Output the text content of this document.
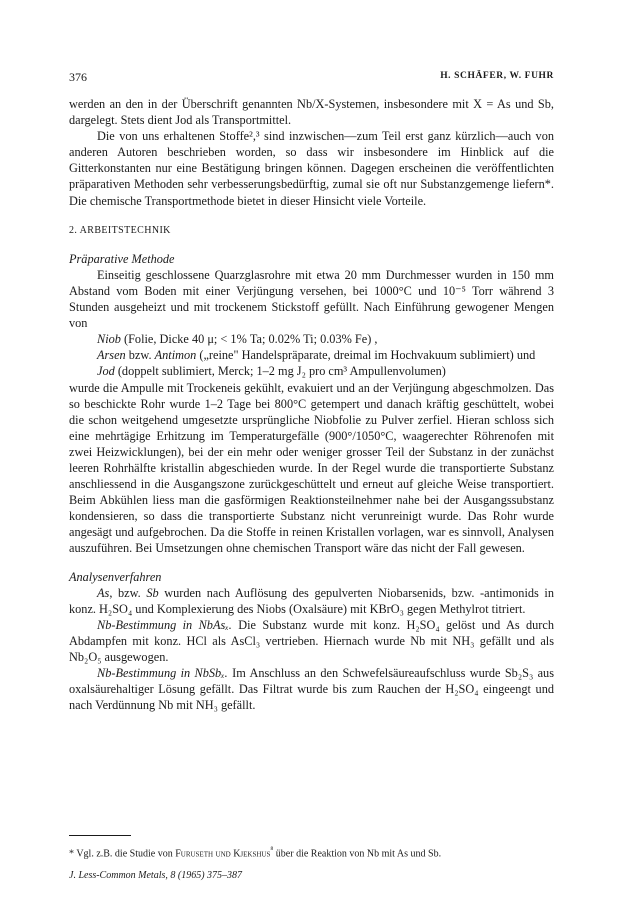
376	H. SCHÄFER, W. FUHR

werden an den in der Überschrift genannten Nb/X-Systemen, insbesondere mit X = As und Sb, dargelegt. Stets dient Jod als Transportmittel.

Die von uns erhaltenen Stoffe²,³ sind inzwischen—zum Teil erst ganz kürzlich—auch von anderen Autoren beschrieben worden, so dass wir insbesondere im Hinblick auf die Gitterkonstanten nur eine Bestätigung bringen können. Dagegen erscheinen die veröffentlichten präparativen Methoden sehr verbesserungsbedürftig, zumal sie oft nur Substanzgemenge liefern*. Die chemische Transportmethode bietet in dieser Hinsicht viele Vorteile.

2. ARBEITSTECHNIK

Präparative Methode

Einseitig geschlossene Quarzglasrohre mit etwa 20 mm Durchmesser wurden in 150 mm Abstand vom Boden mit einer Verjüngung versehen, bei 1000°C und 10⁻⁵ Torr während 3 Stunden ausgeheizt und mit trockenem Stickstoff gefüllt. Nach Einführung gewogener Mengen von

Niob (Folie, Dicke 40 μ; < 1% Ta; 0.02% Ti; 0.03% Fe) ,

Arsen bzw. Antimon („reine" Handelspräparate, dreimal im Hochvakuum sublimiert) und

Jod (doppelt sublimiert, Merck; 1–2 mg J₂ pro cm³ Ampullenvolumen)

wurde die Ampulle mit Trockeneis gekühlt, evakuiert und an der Verjüngung abgeschmolzen. Das so beschickte Rohr wurde 1–2 Tage bei 800°C getempert und danach kräftig geschüttelt, wobei die schon weitgehend umgesetzte ursprüngliche Niobfolie zu Pulver zerfiel. Hieran schloss sich eine mehrtägige Erhitzung im Temperaturgefälle (900°/1050°C, waagerechter Röhrenofen mit zwei Heizwicklungen), bei der ein mehr oder weniger grosser Teil der Substanz in der zunächst leeren Rohrhälfte kristallin abgeschieden wurde. In der Regel wurde die transportierte Substanz anschliessend in die Ausgangszone zurückgeschüttelt und erneut auf gleiche Weise transportiert. Beim Abkühlen liess man die gasförmigen Reaktionsteilnehmer nahe bei der Ausgangssubstanz kondensieren, so dass die transportierte Substanz nicht verunreinigt wurde. Das Rohr wurde angesägt und aufgebrochen. Da die Stoffe in reinen Kristallen vorlagen, war es sinnvoll, Analysen auszuführen. Bei Umsetzungen ohne chemischen Transport wäre das nicht der Fall gewesen.

Analysenverfahren

As, bzw. Sb wurden nach Auflösung des gepulverten Niobarsenids, bzw. -antimonids in konz. H₂SO₄ und Komplexierung des Niobs (Oxalsäure) mit KBrO₃ gegen Methylrot titriert.

Nb-Bestimmung in NbAsₓ. Die Substanz wurde mit konz. H₂SO₄ gelöst und As durch Abdampfen mit konz. HCl als AsCl₃ vertrieben. Hiernach wurde Nb mit NH₃ gefällt und als Nb₂O₅ ausgewogen.

Nb-Bestimmung in NbSbₓ. Im Anschluss an den Schwefelsäureaufschluss wurde Sb₂S₃ aus oxalsäurehaltiger Lösung gefällt. Das Filtrat wurde bis zum Rauchen der H₂SO₄ eingeengt und nach Verdünnung Nb mit NH₃ gefällt.

* Vgl. z.B. die Studie von Furuseth und Kjekshus$^{^8}$ über die Reaktion von Nb mit As und Sb.
J. Less-Common Metals, 8 (1965) 375–387
